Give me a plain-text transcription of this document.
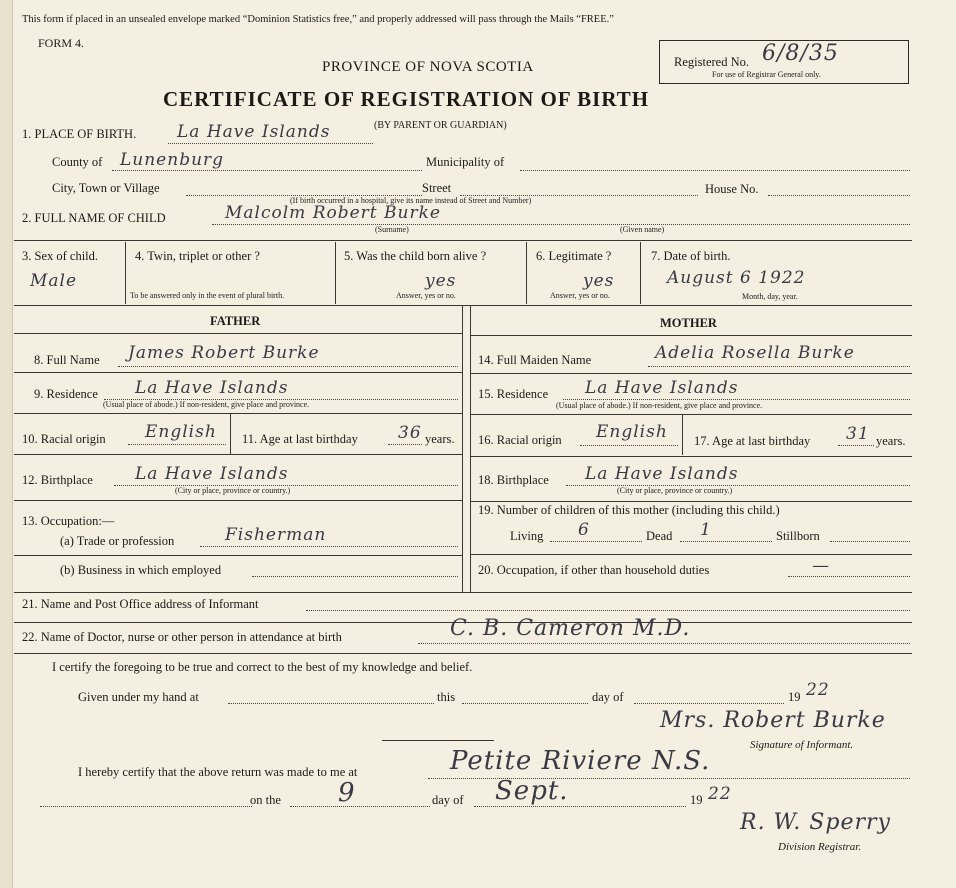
This form if placed in an unsealed envelope marked “Dominion Statistics free,” and properly addressed will pass through the Mails “FREE.”
FORM 4.
PROVINCE OF NOVA SCOTIA
CERTIFICATE OF REGISTRATION OF BIRTH
Registered No. 6/8/35
For use of Registrar General only.
1. PLACE OF BIRTH. La Have Islands	(BY PARENT OR GUARDIAN)
County of Lunenburg	Municipality of
City, Town or Village	Street	House No.
(If birth occurred in a hospital, give its name instead of Street and Number)
2. FULL NAME OF CHILD	Malcolm Robert Burke
(Surname)	(Given name)
3. Sex of child.
Male
4. Twin, triplet or other ?
To be answered only in the event of plural birth.
5. Was the child born alive ?
yes
Answer, yes or no.
6. Legitimate ?
yes
Answer, yes or no.
7. Date of birth.
August 6 1922
Month, day, year.
FATHER	MOTHER
8. Full Name James Robert Burke	14. Full Maiden Name	Adelia Rosella Burke
9. Residence La Have Islands
(Usual place of abode.) If non-resident, give place and province.
15. Residence La Have Islands
(Usual place of abode.) If non-resident, give place and province.
10. Racial origin English 11. Age at last birthday 36 years. 16. Racial origin English 17. Age at last birthday 31 years.
12. Birthplace La Have Islands
(City or place, province or country.)
18. Birthplace La Have Islands
(City or place, province or country.)
13. Occupation:—
(a) Trade or profession	Fisherman
(b) Business in which employed
19. Number of children of this mother (including this child.)
Living 6	Dead 1	Stillborn
20. Occupation, if other than household duties	—
21. Name and Post Office address of Informant
22. Name of Doctor, nurse or other person in attendance at birth	C. B. Cameron M.D.
I certify the foregoing to be true and correct to the best of my knowledge and belief.
Given under my hand at	this	day of	19 22
Mrs. Robert Burke
Signature of Informant.
I hereby certify that the above return was made to me at	Petite Riviere N.S.
on the 9	day of Sept.	19 22
R. W. Sperry
Division Registrar.
